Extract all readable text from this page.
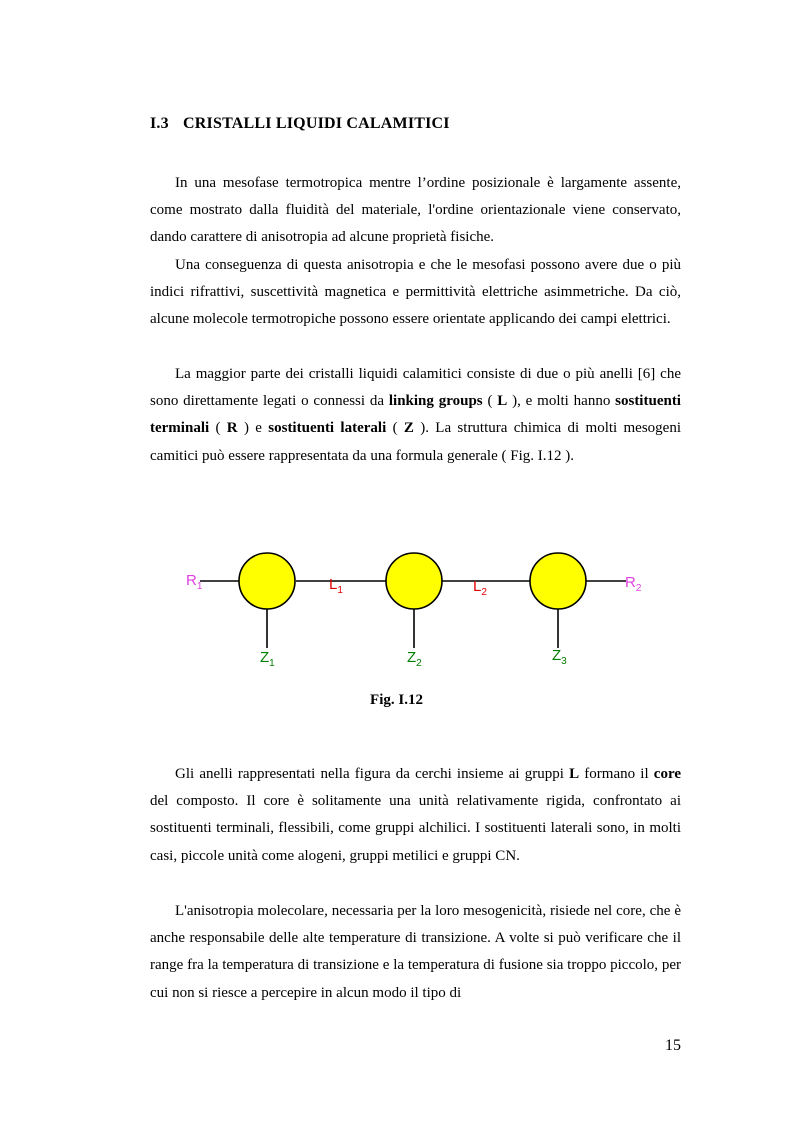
I.3 CRISTALLI LIQUIDI CALAMITICI

In una mesofase termotropica mentre l’ordine posizionale è largamente assente, come mostrato dalla fluidità del materiale, l'ordine orientazionale viene conservato, dando carattere di anisotropia ad alcune proprietà fisiche.

Una conseguenza di questa anisotropia e che le mesofasi possono avere due o più indici rifrattivi, suscettività magnetica e permittività elettriche asimmetriche. Da ciò, alcune molecole termotropiche possono essere orientate applicando dei campi elettrici.

La maggior parte dei cristalli liquidi calamitici consiste di due o più anelli [6] che sono direttamente legati o connessi da linking groups ( L ), e molti hanno sostituenti terminali ( R ) e sostituenti laterali ( Z ). La struttura chimica di molti mesogeni camitici può essere rappresentata da una formula generale ( Fig. I.12 ).

$R_1$	$L_1$	$L_2$
$R_2$
$Z_1$	$Z_2$	$Z_3$
Fig. I.12

Gli anelli rappresentati nella figura da cerchi insieme ai gruppi L formano il core del composto. Il core è solitamente una unità relativamente rigida, confrontato ai sostituenti terminali, flessibili, come gruppi alchilici. I sostituenti laterali sono, in molti casi, piccole unità come alogeni, gruppi metilici e gruppi CN.

L'anisotropia molecolare, necessaria per la loro mesogenicità, risiede nel core, che è anche responsabile delle alte temperature di transizione. A volte si può verificare che il range fra la temperatura di transizione e la temperatura di fusione sia troppo piccolo, per cui non si riesce a percepire in alcun modo il tipo di

15
